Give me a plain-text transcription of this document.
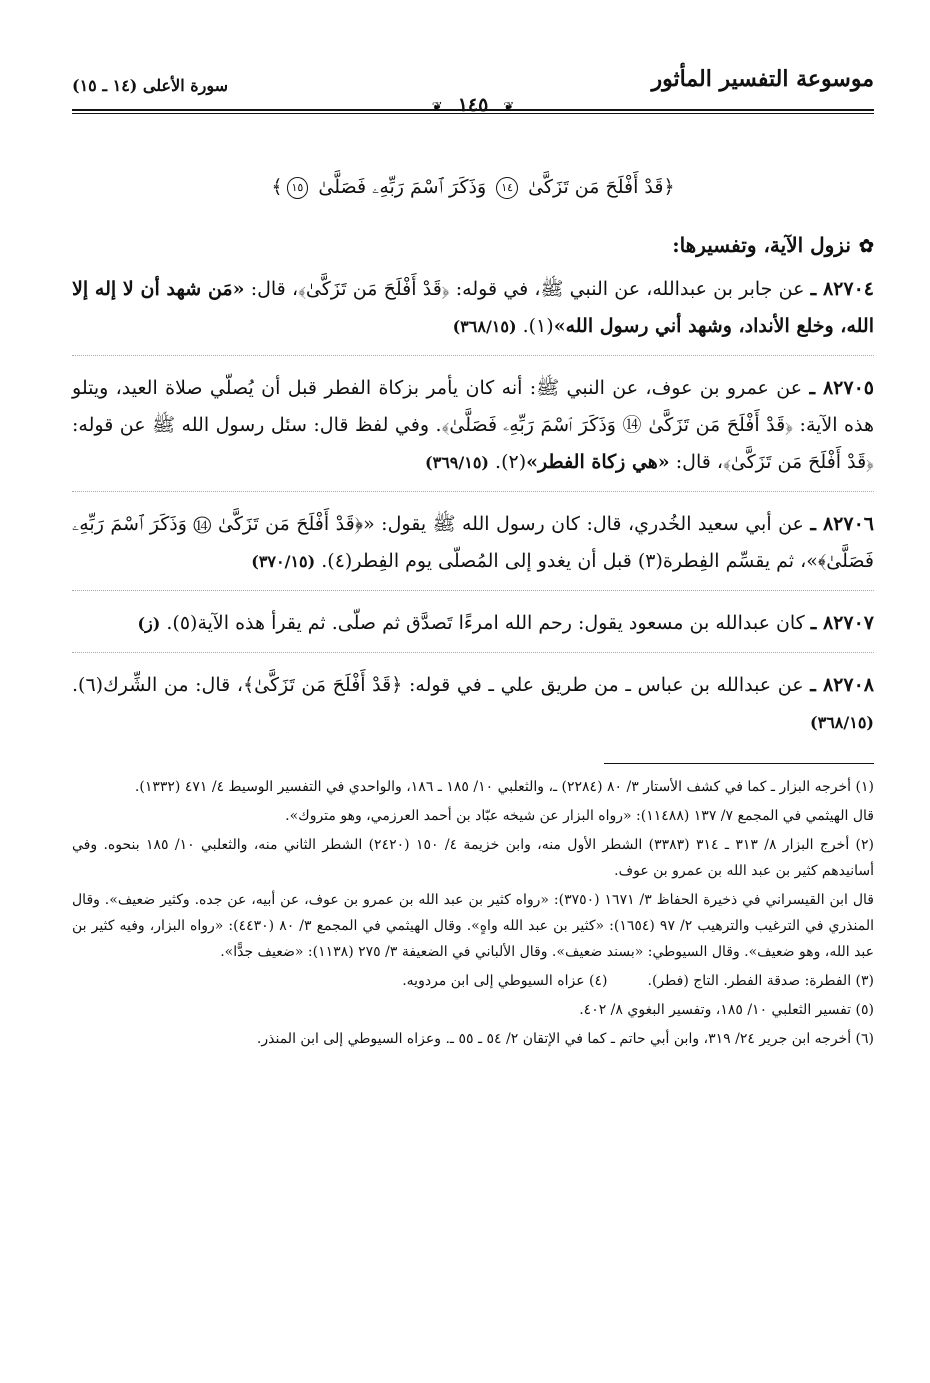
موسوعة التفسير المأثور
سورة الأعلى (١٤ ـ ١٥)
❦ ١٤٥ ❦
﴿قَدْ أَفْلَحَ مَن تَزَكَّىٰ ١٤ وَذَكَرَ ٱسْمَ رَبِّهِۦ فَصَلَّىٰ ١٥﴾
✿نزول الآية، وتفسيرها:
٨٢٧٠٤ ـ عن جابر بن عبدالله، عن النبي ﷺ، في قوله: ﴿قَدْ أَفْلَحَ مَن تَزَكَّىٰ﴾، قال: «مَن شهد أن لا إله إلا الله، وخلع الأنداد، وشهد أني رسول الله»(١). (٣٦٨/١٥)
٨٢٧٠٥ ـ عن عمرو بن عوف، عن النبي ﷺ: أنه كان يأمر بزكاة الفطر قبل أن يُصلّي صلاة العيد، ويتلو هذه الآية: ﴿قَدْ أَفْلَحَ مَن تَزَكَّىٰ ⑭ وَذَكَرَ ٱسْمَ رَبِّهِۦ فَصَلَّىٰ﴾. وفي لفظ قال: سئل رسول الله ﷺ عن قوله: ﴿قَدْ أَفْلَحَ مَن تَزَكَّىٰ﴾، قال: «هي زكاة الفطر»(٢). (٣٦٩/١٥)
٨٢٧٠٦ ـ عن أبي سعيد الخُدري، قال: كان رسول الله ﷺ يقول: «﴿قَدْ أَفْلَحَ مَن تَزَكَّىٰ ⑭ وَذَكَرَ ٱسْمَ رَبِّهِۦ فَصَلَّىٰ﴾»، ثم يقسِّم الفِطرة(٣) قبل أن يغدو إلى المُصلّى يوم الفِطر(٤). (٣٧٠/١٥)
٨٢٧٠٧ ـ كان عبدالله بن مسعود يقول: رحم الله امرءًا تَصدَّق ثم صلّى. ثم يقرأ هذه الآية(٥). (ز)
٨٢٧٠٨ ـ عن عبدالله بن عباس ـ من طريق علي ـ في قوله: ﴿قَدْ أَفْلَحَ مَن تَزَكَّىٰ﴾، قال: من الشِّرك(٦). (٣٦٨/١٥)
(١) أخرجه البزار ـ كما في كشف الأستار ٣/ ٨٠ (٢٢٨٤) ـ، والثعلبي ١٠/ ١٨٥ ـ ١٨٦، والواحدي في التفسير الوسيط ٤/ ٤٧١ (١٣٣٢).
قال الهيثمي في المجمع ٧/ ١٣٧ (١١٤٨٨): «رواه البزار عن شيخه عبّاد بن أحمد العرزمي، وهو متروك».
(٢) أخرج البزار ٨/ ٣١٣ ـ ٣١٤ (٣٣٨٣) الشطر الأول منه، وابن خزيمة ٤/ ١٥٠ (٢٤٢٠) الشطر الثاني منه، والثعلبي ١٠/ ١٨٥ بنحوه. وفي أسانيدهم كثير بن عبد الله بن عمرو بن عوف.
قال ابن القيسراني في ذخيرة الحفاظ ٣/ ١٦٧١ (٣٧٥٠): «رواه كثير بن عبد الله بن عمرو بن عوف، عن أبيه، عن جده. وكثير ضعيف». وقال المنذري في الترغيب والترهيب ٢/ ٩٧ (١٦٥٤): «كثير بن عبد الله واهٍ». وقال الهيثمي في المجمع ٣/ ٨٠ (٤٤٣٠): «رواه البزار، وفيه كثير بن عبد الله، وهو ضعيف». وقال السيوطي: «بسند ضعيف». وقال الألباني في الضعيفة ٣/ ٢٧٥ (١١٣٨): «ضعيف جدًّا».
(٣) الفطرة: صدقة الفطر. التاج (فطر).
(٤) عزاه السيوطي إلى ابن مردويه.
(٥) تفسير الثعلبي ١٠/ ١٨٥، وتفسير البغوي ٨/ ٤٠٢.
(٦) أخرجه ابن جرير ٢٤/ ٣١٩، وابن أبي حاتم ـ كما في الإتقان ٢/ ٥٤ ـ ٥٥ ـ. وعزاه السيوطي إلى ابن المنذر.
